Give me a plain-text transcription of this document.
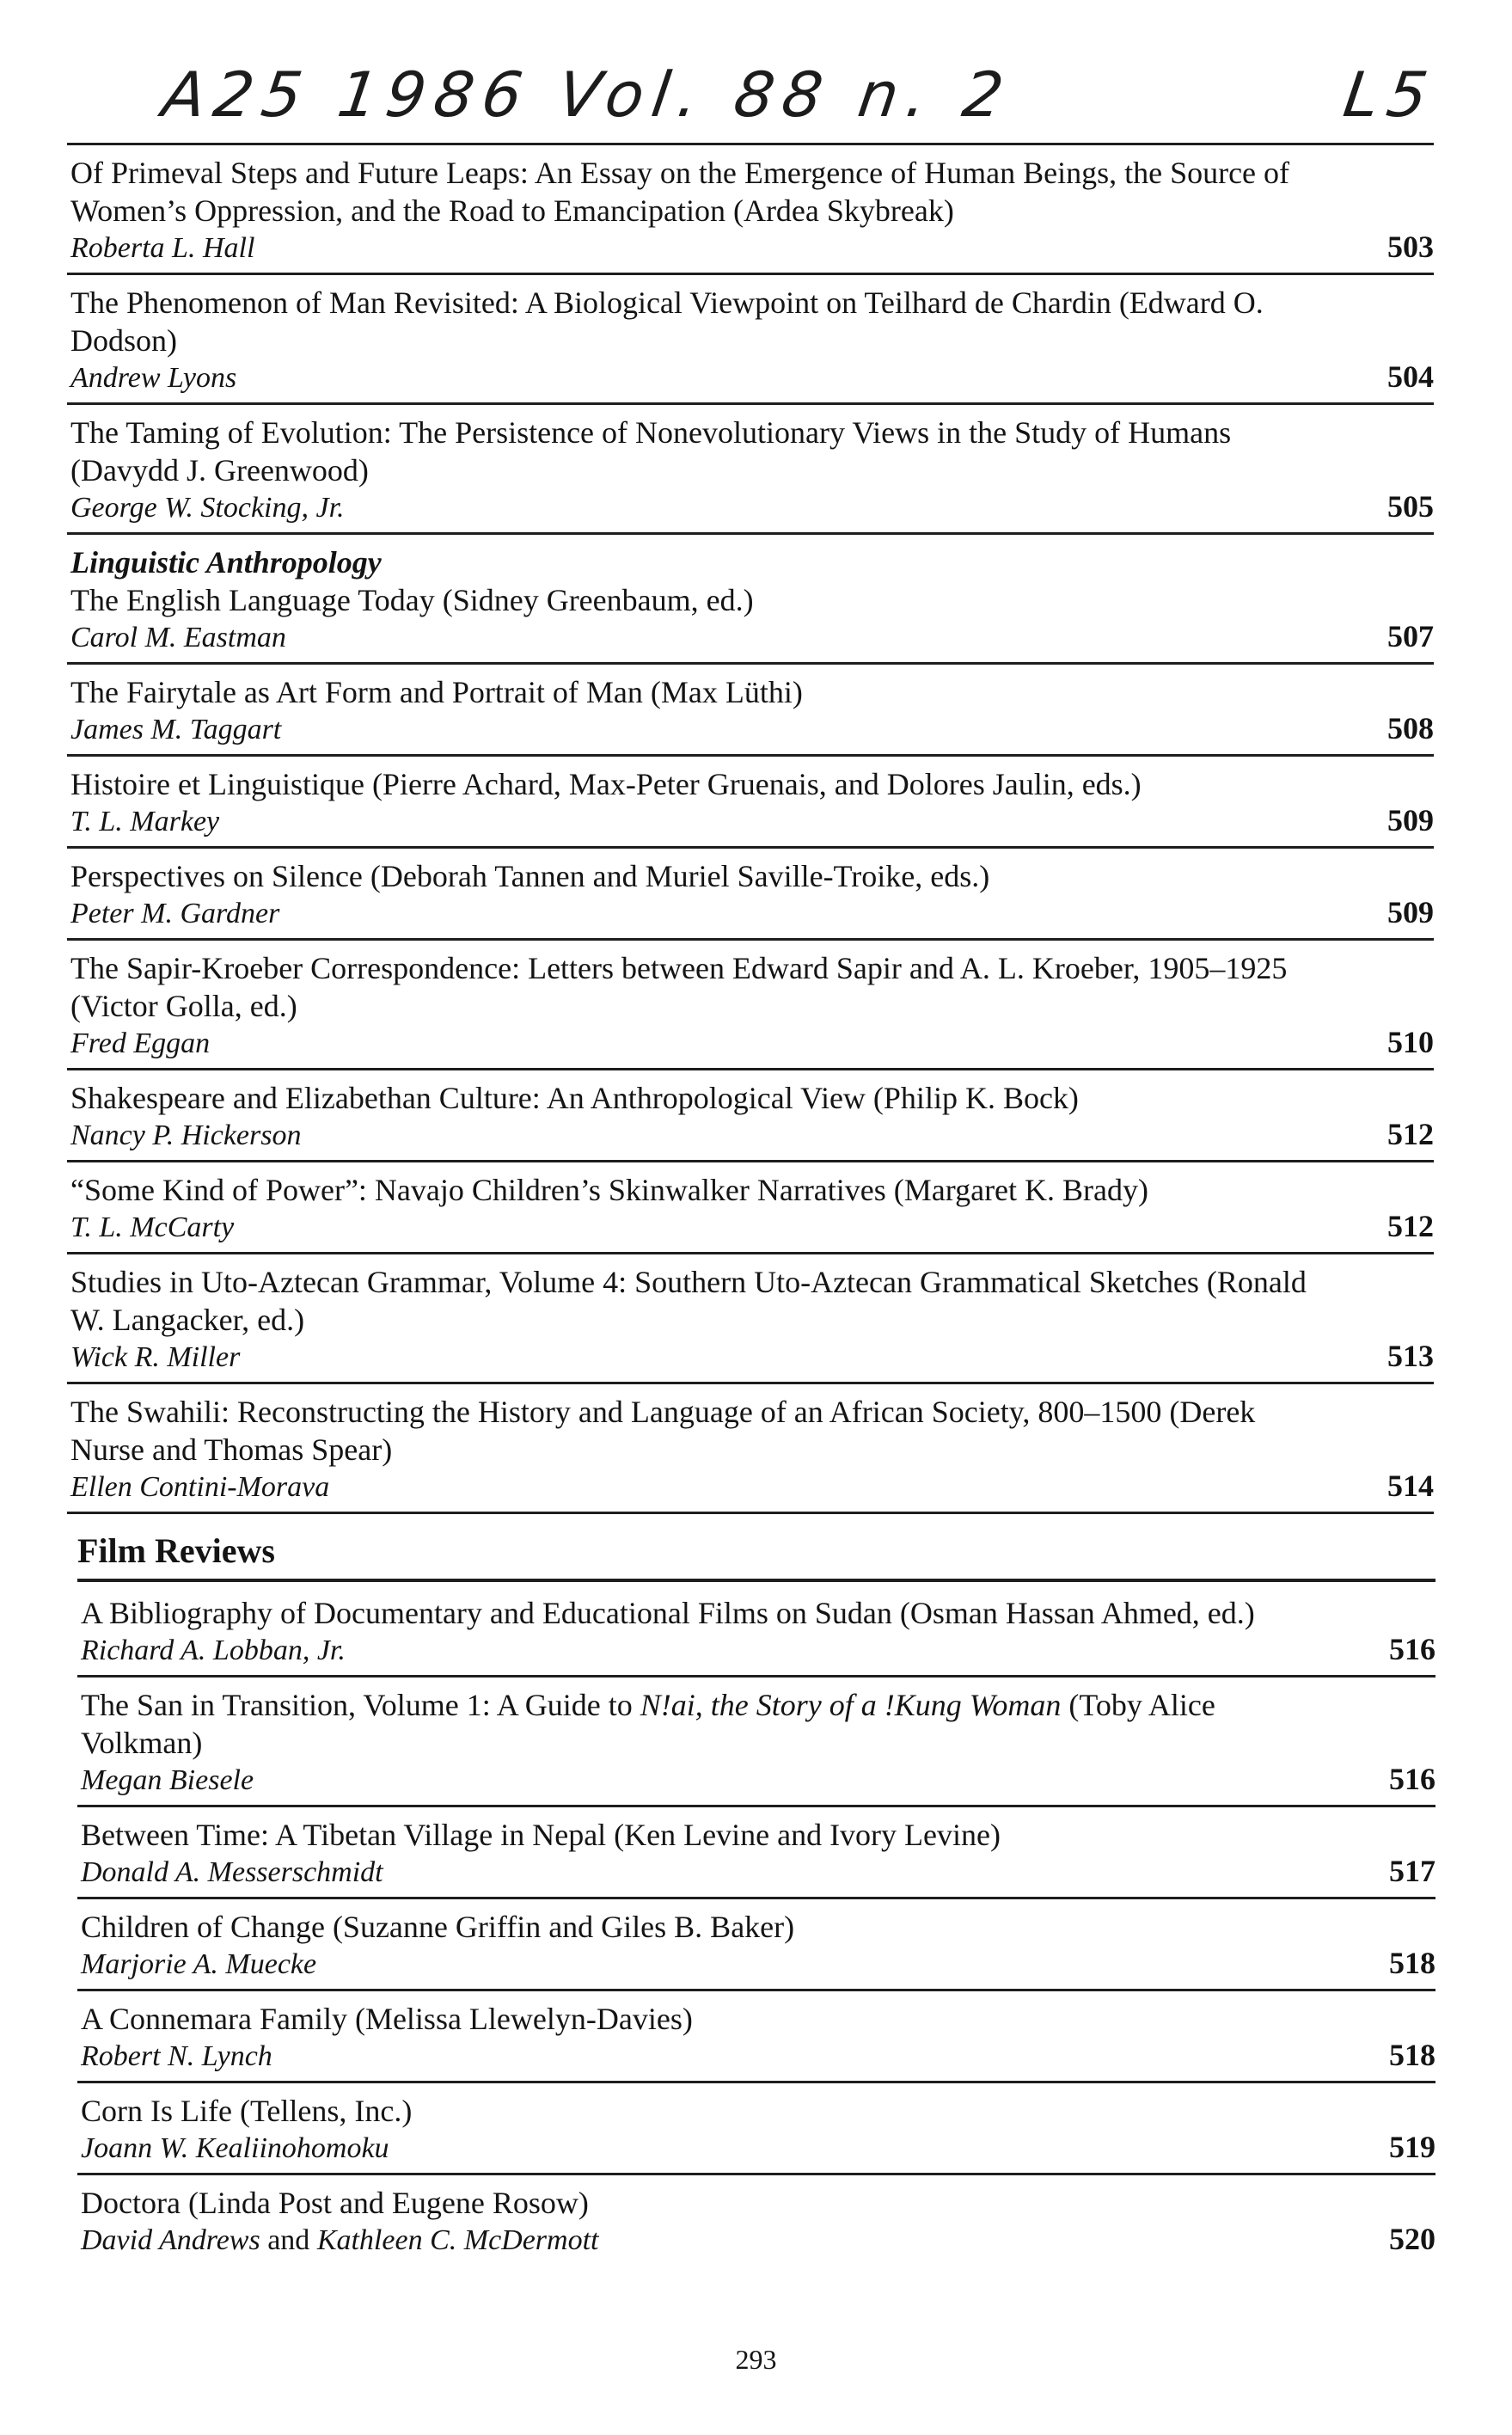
A25 1986 Vol. 88 n. 2	L5
Of Primeval Steps and Future Leaps: An Essay on the Emergence of Human Beings, the Source of Women’s Oppression, and the Road to Emancipation (Ardea Skybreak)
Roberta L. Hall	503
The Phenomenon of Man Revisited: A Biological Viewpoint on Teilhard de Chardin (Edward O. Dodson)
Andrew Lyons	504
The Taming of Evolution: The Persistence of Nonevolutionary Views in the Study of Humans (Davydd J. Greenwood)
George W. Stocking, Jr.	505
Linguistic Anthropology
The English Language Today (Sidney Greenbaum, ed.)
Carol M. Eastman	507
The Fairytale as Art Form and Portrait of Man (Max Lüthi)
James M. Taggart	508
Histoire et Linguistique (Pierre Achard, Max-Peter Gruenais, and Dolores Jaulin, eds.)
T. L. Markey	509
Perspectives on Silence (Deborah Tannen and Muriel Saville-Troike, eds.)
Peter M. Gardner	509
The Sapir-Kroeber Correspondence: Letters between Edward Sapir and A. L. Kroeber, 1905–1925 (Victor Golla, ed.)
Fred Eggan	510
Shakespeare and Elizabethan Culture: An Anthropological View (Philip K. Bock)
Nancy P. Hickerson	512
“Some Kind of Power”: Navajo Children’s Skinwalker Narratives (Margaret K. Brady)
T. L. McCarty	512
Studies in Uto-Aztecan Grammar, Volume 4: Southern Uto-Aztecan Grammatical Sketches (Ronald W. Langacker, ed.)
Wick R. Miller	513
The Swahili: Reconstructing the History and Language of an African Society, 800–1500 (Derek Nurse and Thomas Spear)
Ellen Contini-Morava	514
Film Reviews
A Bibliography of Documentary and Educational Films on Sudan (Osman Hassan Ahmed, ed.)
Richard A. Lobban, Jr.	516
The San in Transition, Volume 1: A Guide to N!ai, the Story of a !Kung Woman (Toby Alice Volkman)
Megan Biesele	516
Between Time: A Tibetan Village in Nepal (Ken Levine and Ivory Levine)
Donald A. Messerschmidt	517
Children of Change (Suzanne Griffin and Giles B. Baker)
Marjorie A. Muecke	518
A Connemara Family (Melissa Llewelyn-Davies)
Robert N. Lynch	518
Corn Is Life (Tellens, Inc.)
Joann W. Kealiinohomoku	519
Doctora (Linda Post and Eugene Rosow)
David Andrews and Kathleen C. McDermott	520
293
